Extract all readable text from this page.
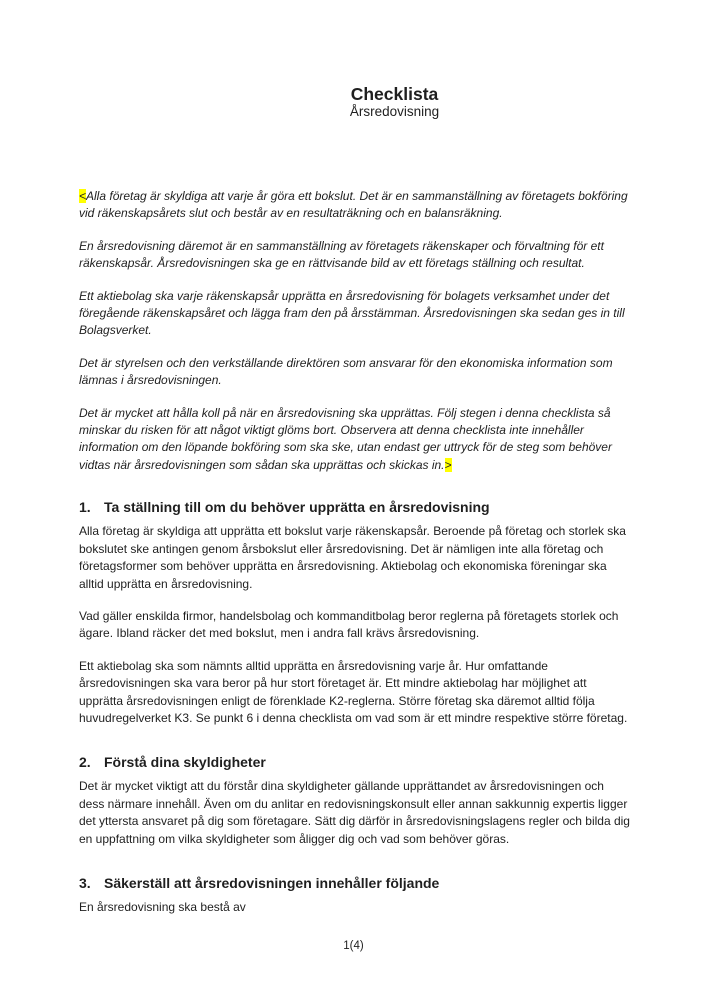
Checklista
Årsredovisning

<Alla företag är skyldiga att varje år göra ett bokslut. Det är en sammanställning av företagets bokföring vid räkenskapsårets slut och består av en resultaträkning och en balansräkning.

En årsredovisning däremot är en sammanställning av företagets räkenskaper och förvaltning för ett räkenskapsår. Årsredovisningen ska ge en rättvisande bild av ett företags ställning och resultat.

Ett aktiebolag ska varje räkenskapsår upprätta en årsredovisning för bolagets verksamhet under det föregående räkenskapsåret och lägga fram den på årsstämman. Årsredovisningen ska sedan ges in till Bolagsverket.

Det är styrelsen och den verkställande direktören som ansvarar för den ekonomiska information som lämnas i årsredovisningen.

Det är mycket att hålla koll på när en årsredovisning ska upprättas. Följ stegen i denna checklista så minskar du risken för att något viktigt glöms bort. Observera att denna checklista inte innehåller information om den löpande bokföring som ska ske, utan endast ger uttryck för de steg som behöver vidtas när årsredovisningen som sådan ska upprättas och skickas in.>

1. Ta ställning till om du behöver upprätta en årsredovisning

Alla företag är skyldiga att upprätta ett bokslut varje räkenskapsår. Beroende på företag och storlek ska bokslutet ske antingen genom årsbokslut eller årsredovisning. Det är nämligen inte alla företag och företagsformer som behöver upprätta en årsredovisning. Aktiebolag och ekonomiska föreningar ska alltid upprätta en årsredovisning.

Vad gäller enskilda firmor, handelsbolag och kommanditbolag beror reglerna på företagets storlek och ägare. Ibland räcker det med bokslut, men i andra fall krävs årsredovisning.

Ett aktiebolag ska som nämnts alltid upprätta en årsredovisning varje år. Hur omfattande årsredovisningen ska vara beror på hur stort företaget är. Ett mindre aktiebolag har möjlighet att upprätta årsredovisningen enligt de förenklade K2-reglerna. Större företag ska däremot alltid följa huvudregelverket K3. Se punkt 6 i denna checklista om vad som är ett mindre respektive större företag.

2. Förstå dina skyldigheter

Det är mycket viktigt att du förstår dina skyldigheter gällande upprättandet av årsredovisningen och dess närmare innehåll. Även om du anlitar en redovisningskonsult eller annan sakkunnig expertis ligger det yttersta ansvaret på dig som företagare. Sätt dig därför in årsredovisningslagens regler och bilda dig en uppfattning om vilka skyldigheter som åligger dig och vad som behöver göras.

3. Säkerställ att årsredovisningen innehåller följande

En årsredovisning ska bestå av

1(4)
